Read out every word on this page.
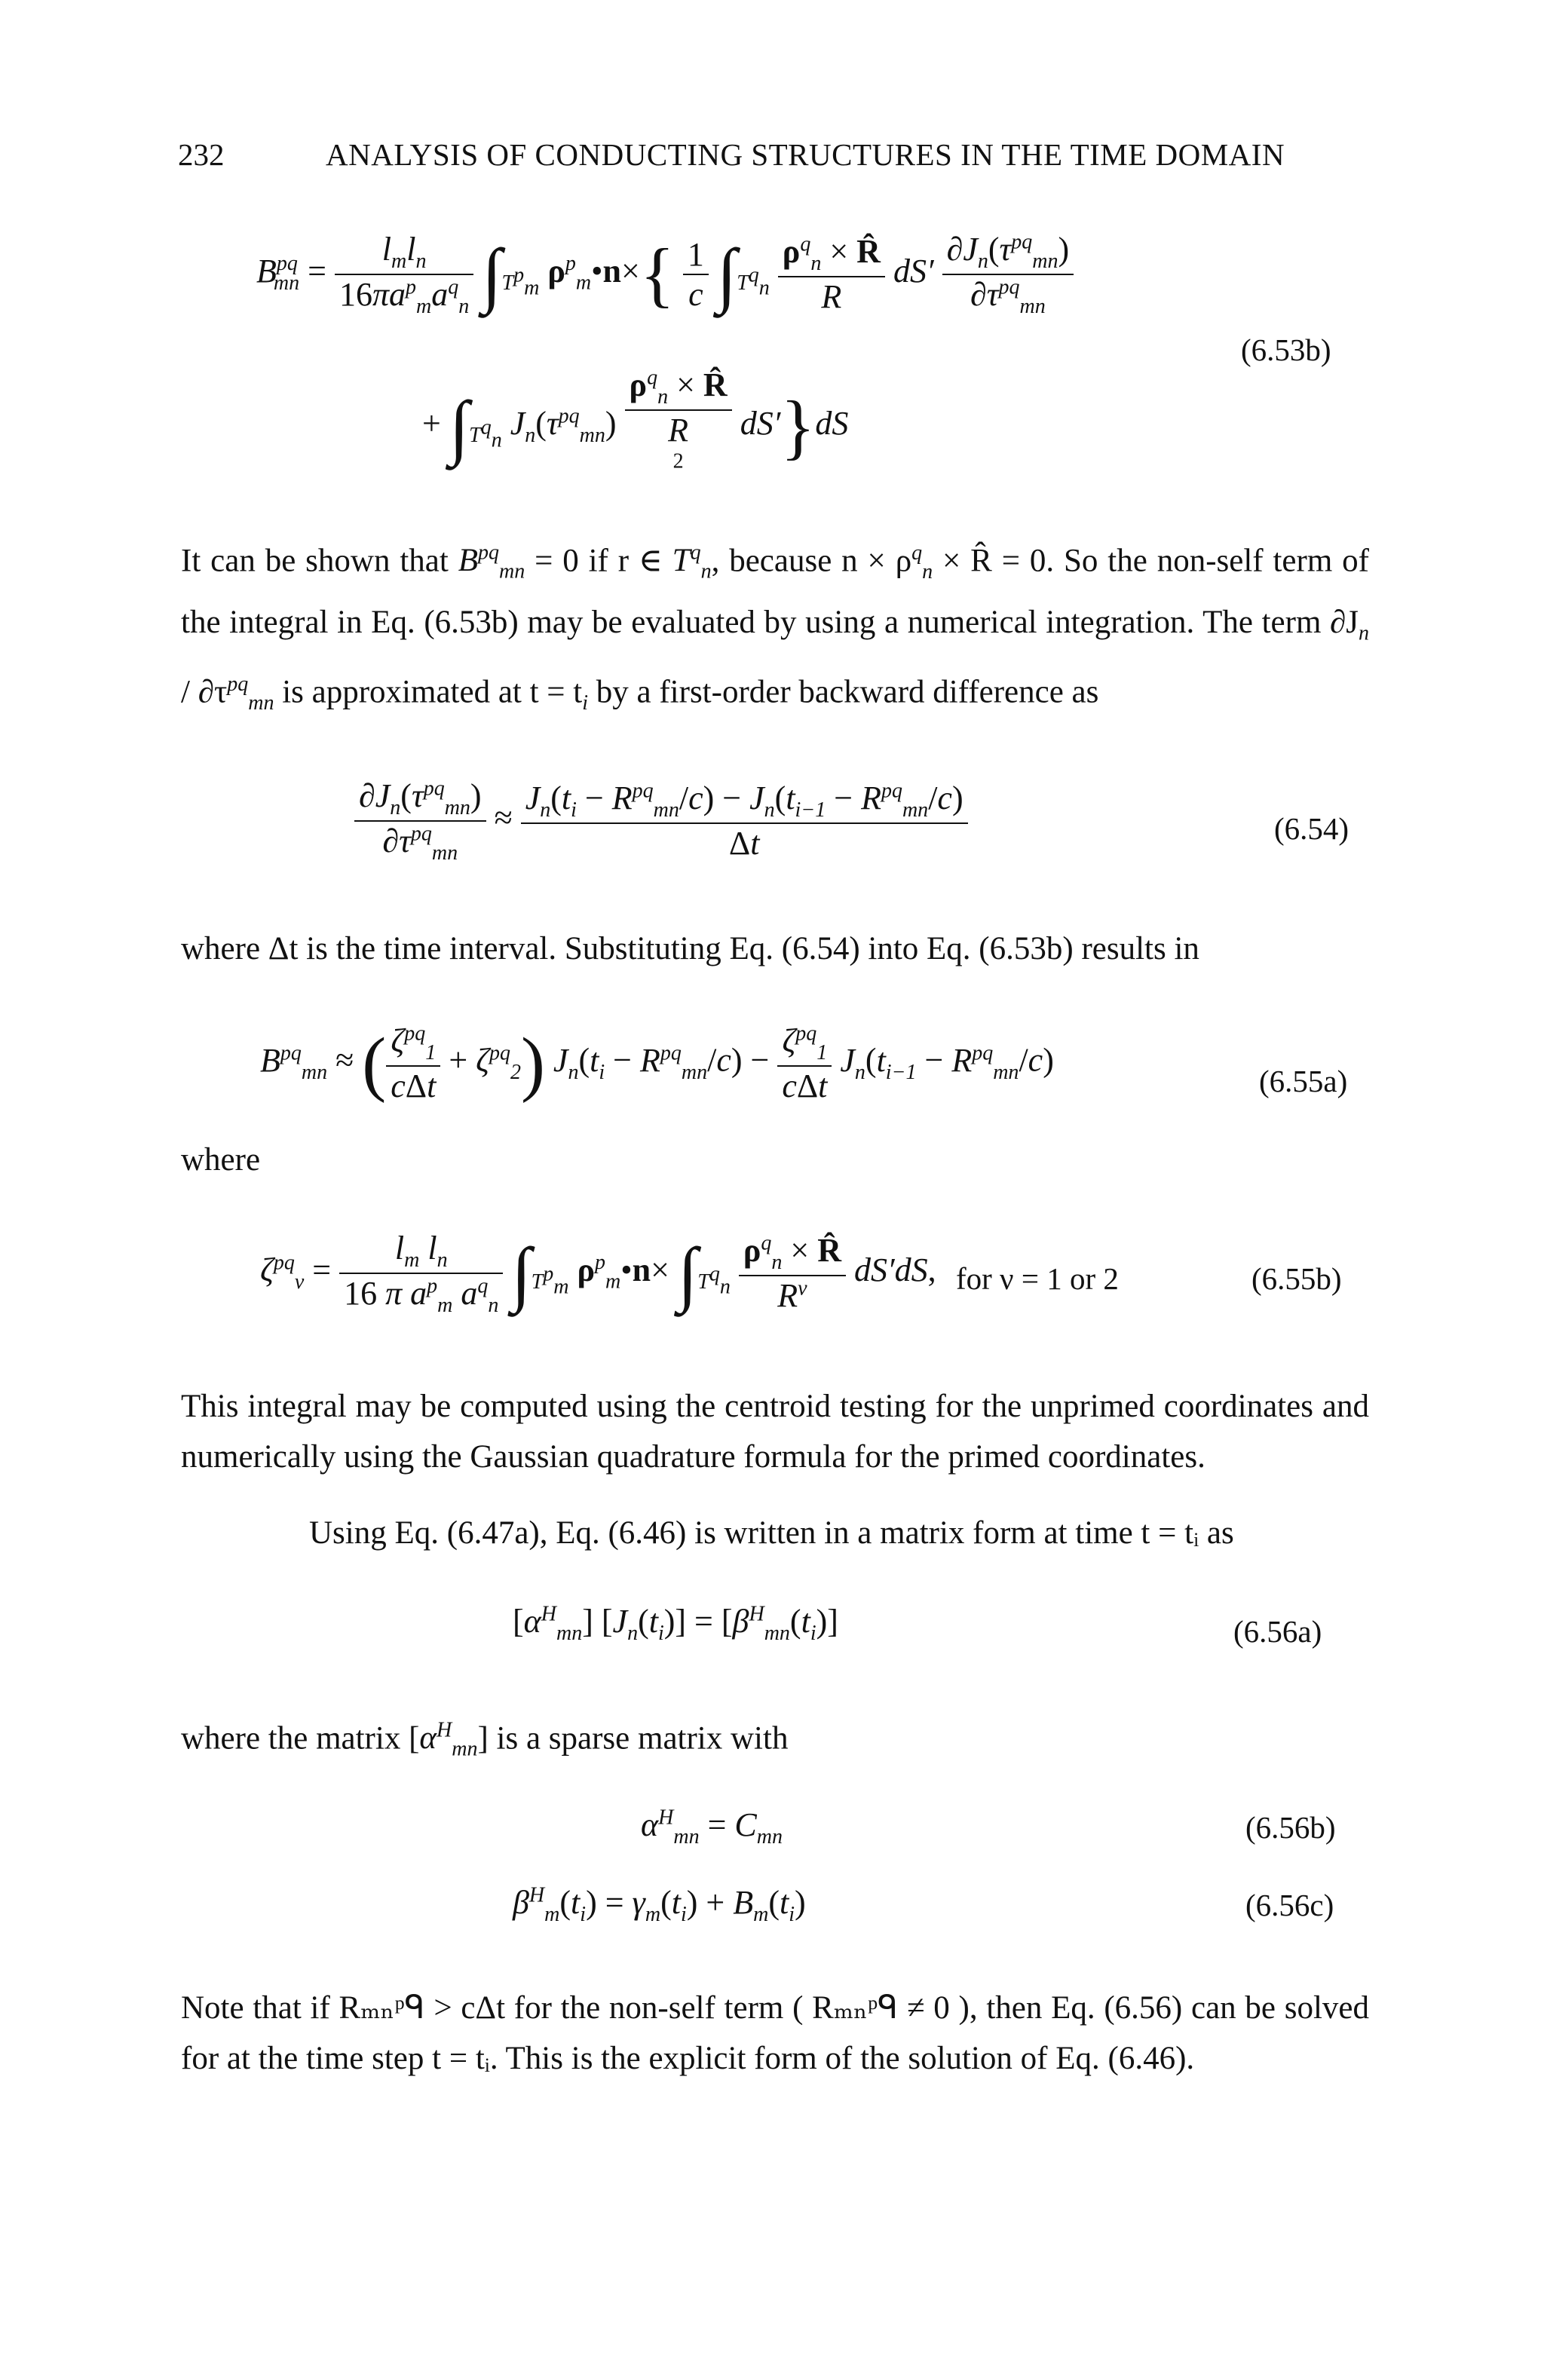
232	ANALYSIS OF CONDUCTING STRUCTURES IN THE TIME DOMAIN
$B^{pq}_{mn} = \frac{l_ml_n}{16\pi a^p_ma^q_n} \int_{T^p_m}$ $\rho^p_m•n\times\{ \frac{1}{c} \int_{T^q_n} \frac{\rho^q_n \times R̂}{R} dS' \frac{\partial J_n(\tau^{pq}_{mn})}{\partial\tau^{pq}_{mn}}$
+ $\int_{T^q_n}$ $J_n(\tau^{pq}_{mn})$
$\rho^q_n$ × R̂
R
$^2$ dS′}dS
(6.53b)
It can be shown that $B^{pq}_{mn} = 0$ if r ∈ $T^q_n$, because $n \times \rho^q_n$ × R̂ = 0. So the non-self term of the integral in Eq. (6.53b) may be evaluated by using a numerical integration. The term $\partial J_n / \partial\tau^{pq}_{mn}$ is approximated at $t = t_i$ by a first-order backward difference as
$\frac{\partial J_n(\tau^{pq}_{mn})}{\partial\tau^{pq}_{mn}} \approx \frac{J_n(t_i - R^{pq}_{mn}/c) - J_n(t_{i-1} - R^{pq}_{mn}/c)}{\Delta t}$	(6.54)
where Δt is the time interval. Substituting Eq. (6.54) into Eq. (6.53b) results in
$B^{pq}_{mn}$ ≈ ( $\frac{\zeta^{pq}_1}{\text{cΔt}} + \zeta^{pq}_2$) $J_n(t_i - R^{pq}_{mn}/c) - \frac{\zeta^{pq}_1}{\text{cΔt}} J_n(t_{i-1} - R^{pq}_{mn}/c)$
(6.55a)
where
$\zeta^{pq}_\nu = \frac{l_m l_n}{16 \pi a^p_m a^q_n} \int_{T^p_m}$ $\rho^p_m•n\times \int_{T^q_n} \frac{\rho^q_n \times R̂}{R^\nu} dS'dS$, for ν = 1 or 2	(6.55b)
This integral may be computed using the centroid testing for the unprimed coordinates and numerically using the Gaussian quadrature formula for the primed coordinates.
Using Eq. (6.47a), Eq. (6.46) is written in a matrix form at time t = tᵢ as
$[\alpha^H_{mn}] [J_n(t_i)] = [\beta^H_{mn}(t_i)]$	(6.56a)
where the matrix $[\alpha^H_{mn}]$ is a sparse matrix with
$\alpha^H_{mn} = C_{mn}$	(6.56b)
$\beta^H_m(t_i) = \gamma_m(t_i) + B_m(t_i)$	(6.56c)
Note that if Rₘₙᵖᑫ > cΔt for the non-self term ( Rₘₙᵖᑫ ≠ 0 ), then Eq. (6.56) can be solved for at the time step t = tᵢ. This is the explicit form of the solution of Eq. (6.46).
